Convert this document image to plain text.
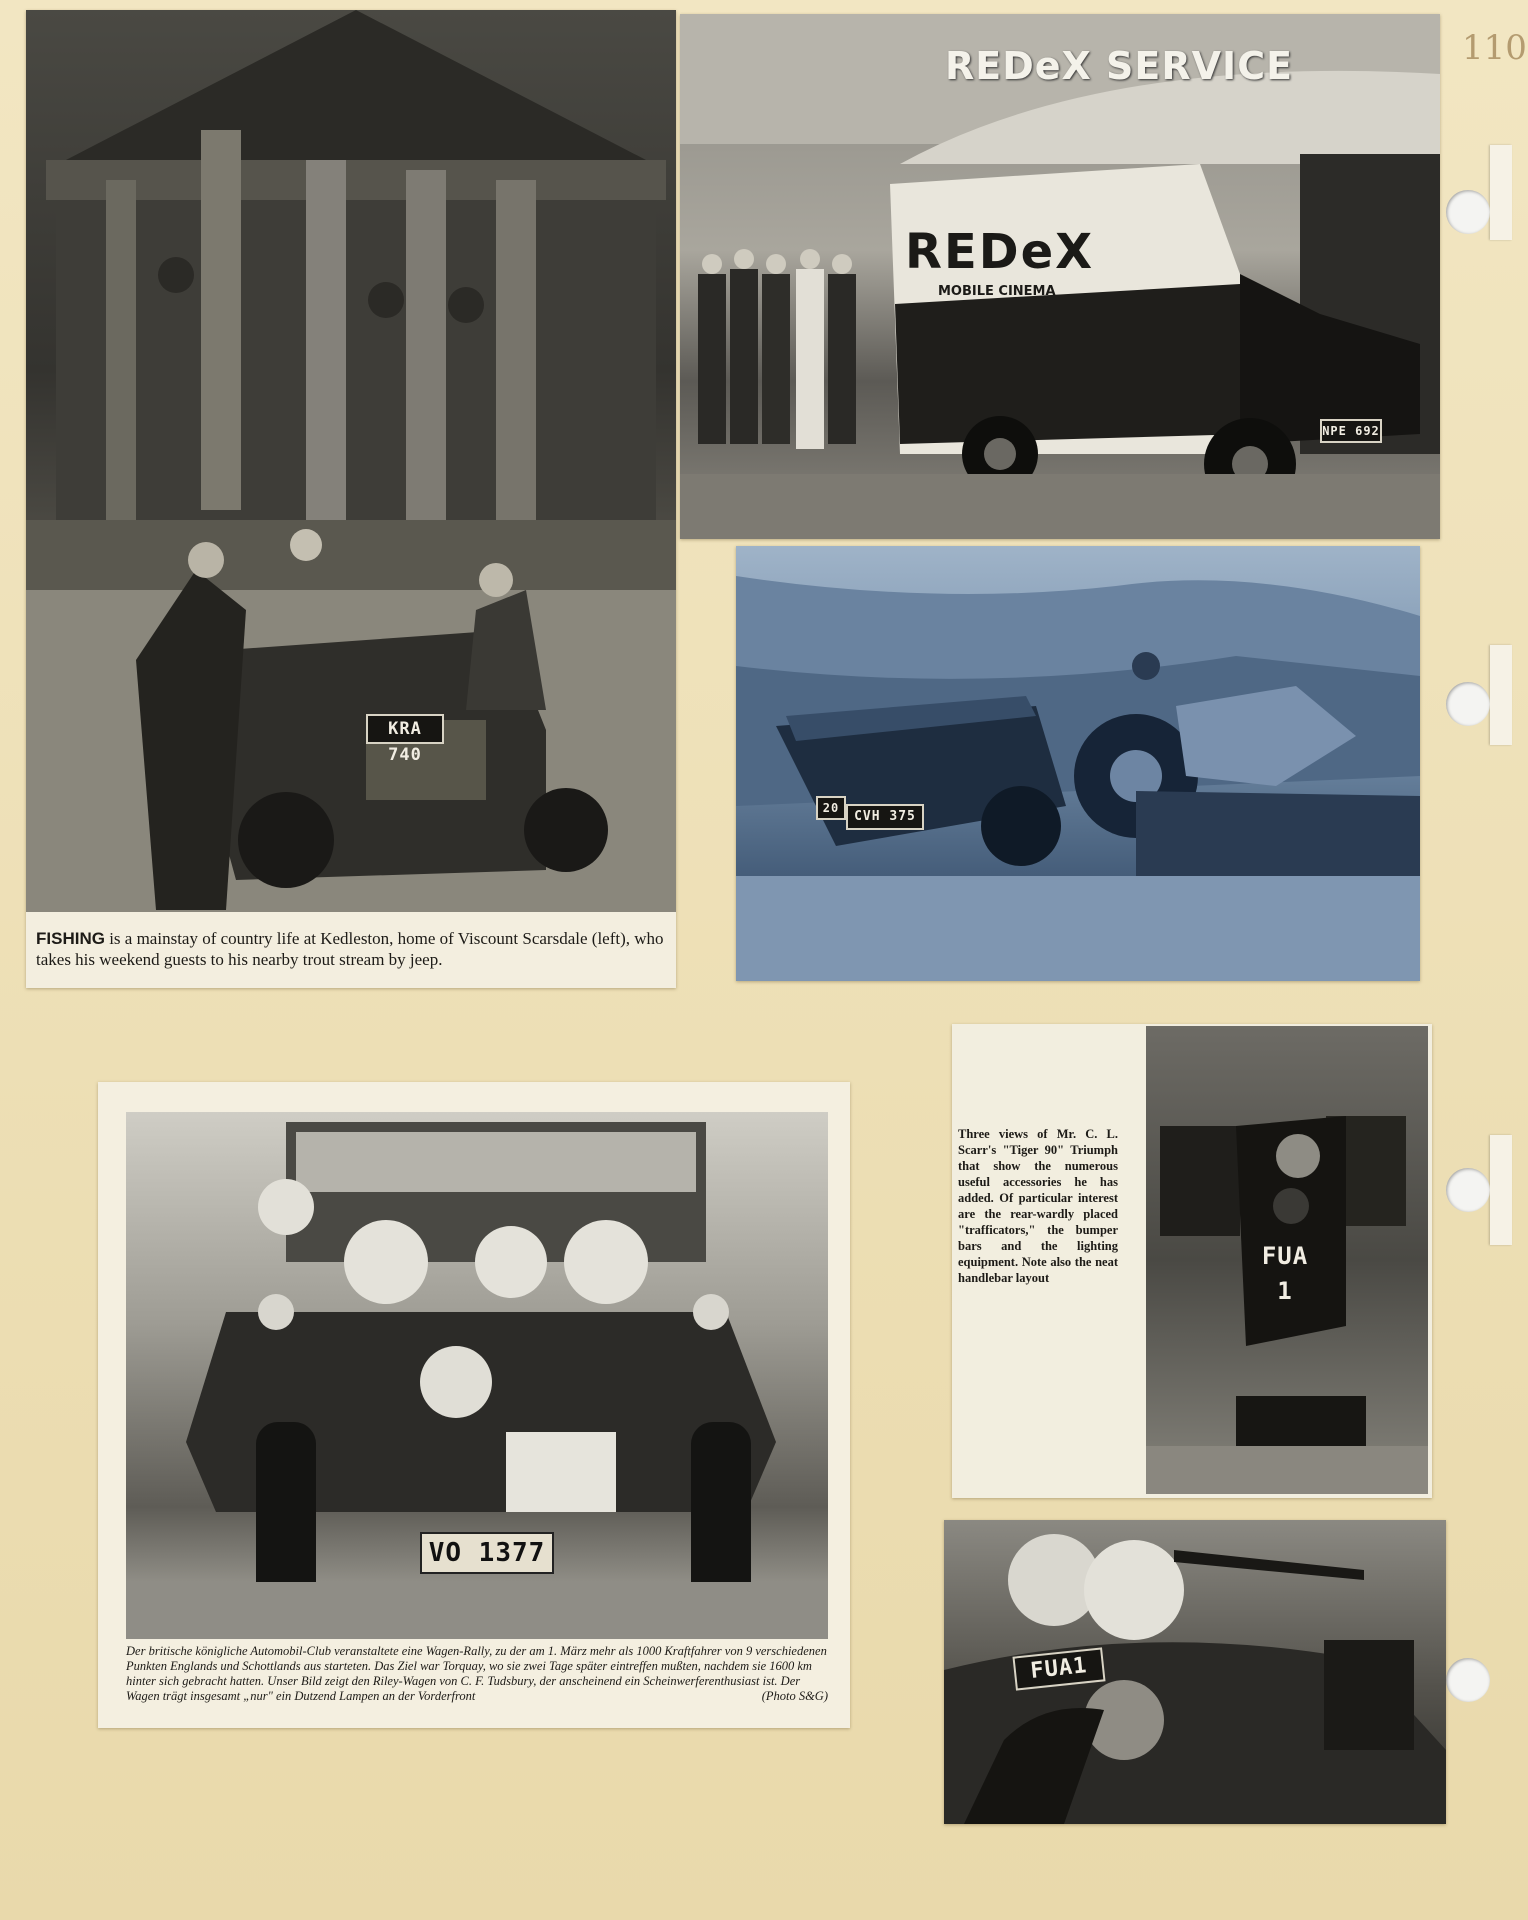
110
KRA 740
FISHING is a mainstay of country life at Kedleston, home of Viscount Scarsdale (left), who takes his weekend guests to his nearby trout stream by jeep.
REDeX SERVICE
REDeX
MOBILE CINEMA
NPE 692
20
CVH 375
VO 1377
Der britische königliche Automobil-Club veranstaltete eine Wagen-Rally, zu der am 1. März mehr als 1000 Kraftfahrer von 9 verschiedenen Punkten Englands und Schottlands aus starteten. Das Ziel war Torquay, wo sie zwei Tage später eintreffen mußten, nachdem sie 1600 km hinter sich gebracht hatten. Unser Bild zeigt den Riley-Wagen von C. F. Tudsbury, der anscheinend ein Scheinwerferenthusiast ist. Der Wagen trägt insgesamt „nur" ein Dutzend Lampen an der Vorderfront	(Photo S&G)
Three views of Mr. C. L. Scarr's "Tiger 90" Triumph that show the numerous useful accessories he has added. Of particular interest are the rear-wardly placed "trafficators," the bumper bars and the lighting equipment. Note also the neat handlebar layout
FUA
1
FUA1
